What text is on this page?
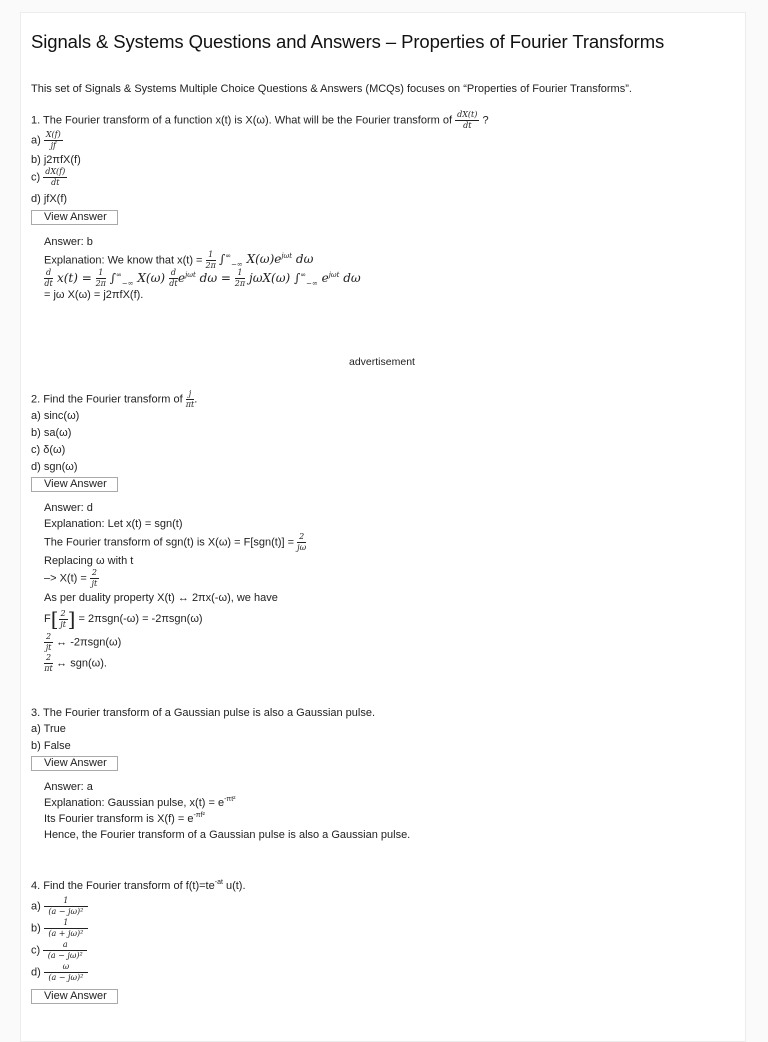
Signals & Systems Questions and Answers – Properties of Fourier Transforms
This set of Signals & Systems Multiple Choice Questions & Answers (MCQs) focuses on “Properties of Fourier Transforms”.
1. The Fourier transform of a function x(t) is X(ω). What will be the Fourier transform of $\frac{dX(t)}{dt}$ ?
$a) \frac{X(f)}{jf}$
b) j2πfX(f)
$c) \frac{dX(f)}{dt}$
d) jfX(f)
View Answer
Answer: b
Explanation: We know that $x(t) = \frac{1}{2\pi} \int^\infty_{-\infty}$ $X(\omega)e^{j\omega t}$ dω
$\frac{d}{dt} x(t) = \frac{1}{2\pi} \int^\infty_{-\infty}$ $X(\omega) \frac{d}{dt} e^{j\omega t}$ $d\omega = \frac{1}{2\pi} j\omega X(\omega)$ $\int^\infty_{-\infty}$ $e^{j\omega t}$ dω
= jω X(ω) = j2πfX(f).
advertisement
2. Find the Fourier transform of $\frac{j}{\pi t}$ .
a) sinc(ω)
b) sa(ω)
c) δ(ω)
d) sgn(ω)
View Answer
Answer: d
Explanation: Let x(t) = sgn(t)
The Fourier transform of sgn(t) is $X(\omega) = F[sgn(t)] = \frac{2}{j\omega}$
Replacing ω with t
–> $X(t) = \frac{2}{jt}$
As per duality property X(t) ↔ 2πx(-ω), we have
$F[ \frac{2}{jt}$ ] = 2πsgn(-ω) = -2πsgn(ω)
$\frac{2}{jt}$ ↔ -2πsgn(ω)
$\frac{2}{\pi t}$ ↔ sgn(ω).
3. The Fourier transform of a Gaussian pulse is also a Gaussian pulse.
a) True
b) False
View Answer
Answer: a
Explanation: Gaussian pulse, $x(t) = e^{-\pi t^2}$
Its Fourier transform is $X(f) = e^{-\pi f^2}$
Hence, the Fourier transform of a Gaussian pulse is also a Gaussian pulse.
4. Find the Fourier transform of $f(t)=te^{-at}$ u(t).
$a) \frac{1}{\text{(a − jω)²}}$
$b) \frac{1}{\text{(a + jω)²}}$
$c) \frac{a}{\text{(a − jω)²}}$
$d) \frac{\omega}{\text{(a − jω)²}}$
View Answer
